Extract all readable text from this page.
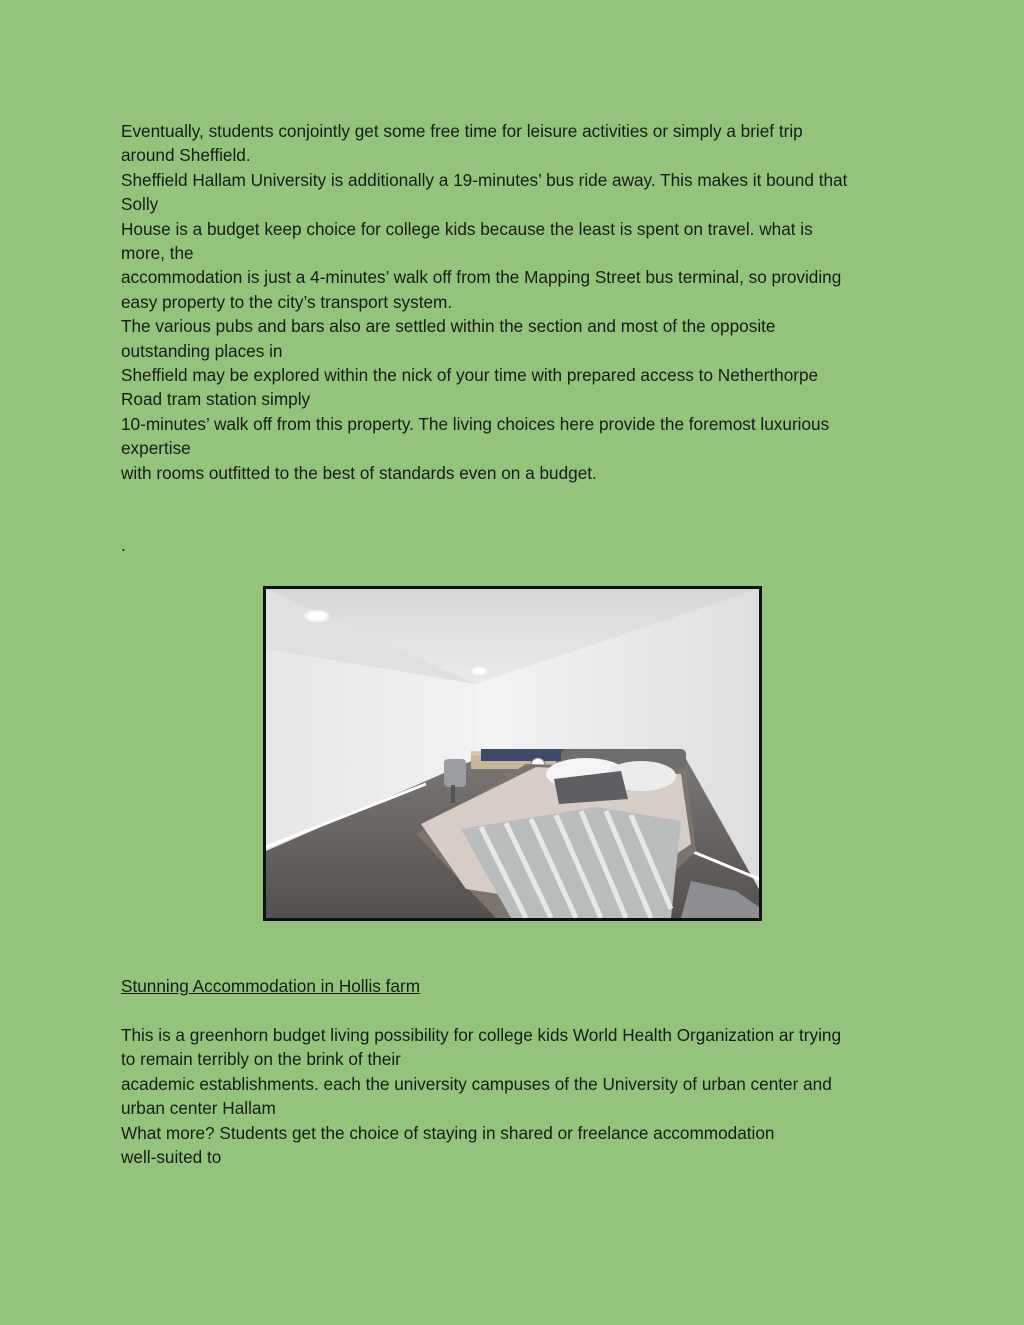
Eventually, students conjointly get some free time for leisure activities or simply a brief trip
around Sheffield.
Sheffield Hallam University is additionally a 19-minutes’ bus ride away. This makes it bound that
Solly
House is a budget keep choice for college kids because the least is spent on travel. what is
more, the
accommodation is just a 4-minutes’ walk off from the Mapping Street bus terminal, so providing
easy property to the city’s transport system.
The various pubs and bars also are settled within the section and most of the opposite
outstanding places in
Sheffield may be explored within the nick of your time with prepared access to Netherthorpe
Road tram station simply
10-minutes’ walk off from this property. The living choices here provide the foremost luxurious
expertise
with rooms outfitted to the best of standards even on a budget.
.
Stunning Accommodation in Hollis farm
This is a greenhorn budget living possibility for college kids World Health Organization ar trying
to remain terribly on the brink of their
academic establishments. each the university campuses of the University of urban center and
urban center Hallam
What more? Students get the choice of staying in shared or freelance accommodation
well-suited to
